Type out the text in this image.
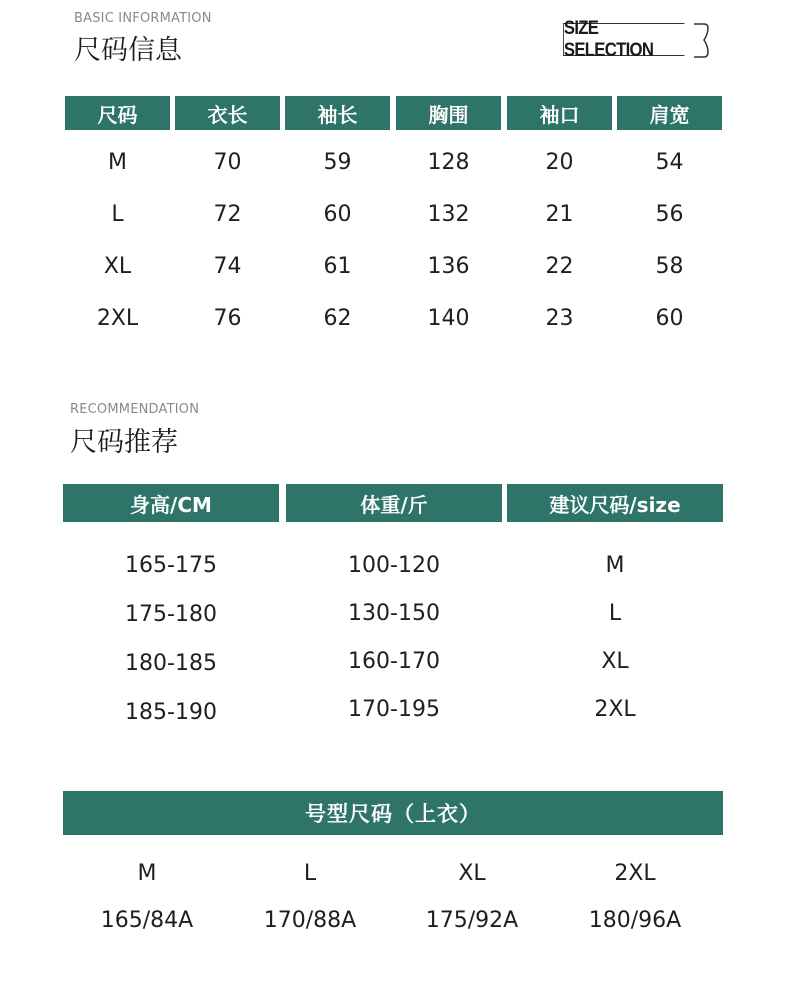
BASIC INFORMATION
尺码信息
SIZE SELECTION
尺码	衣长	袖长	胸围	袖口	肩宽
M	70	59	128	20	54
L	72	60	132	21	56
XL	74	61	136	22	58
2XL	76	62	140	23	60
RECOMMENDATION
尺码推荐
身高/CM	体重/斤	建议尺码/size
165-175	100-120	M
175-180	130-150	L
180-185	160-170	XL
185-190	170-195	2XL
号型尺码（上衣）
M	L	XL	2XL
165/84A	170/88A	175/92A	180/96A
